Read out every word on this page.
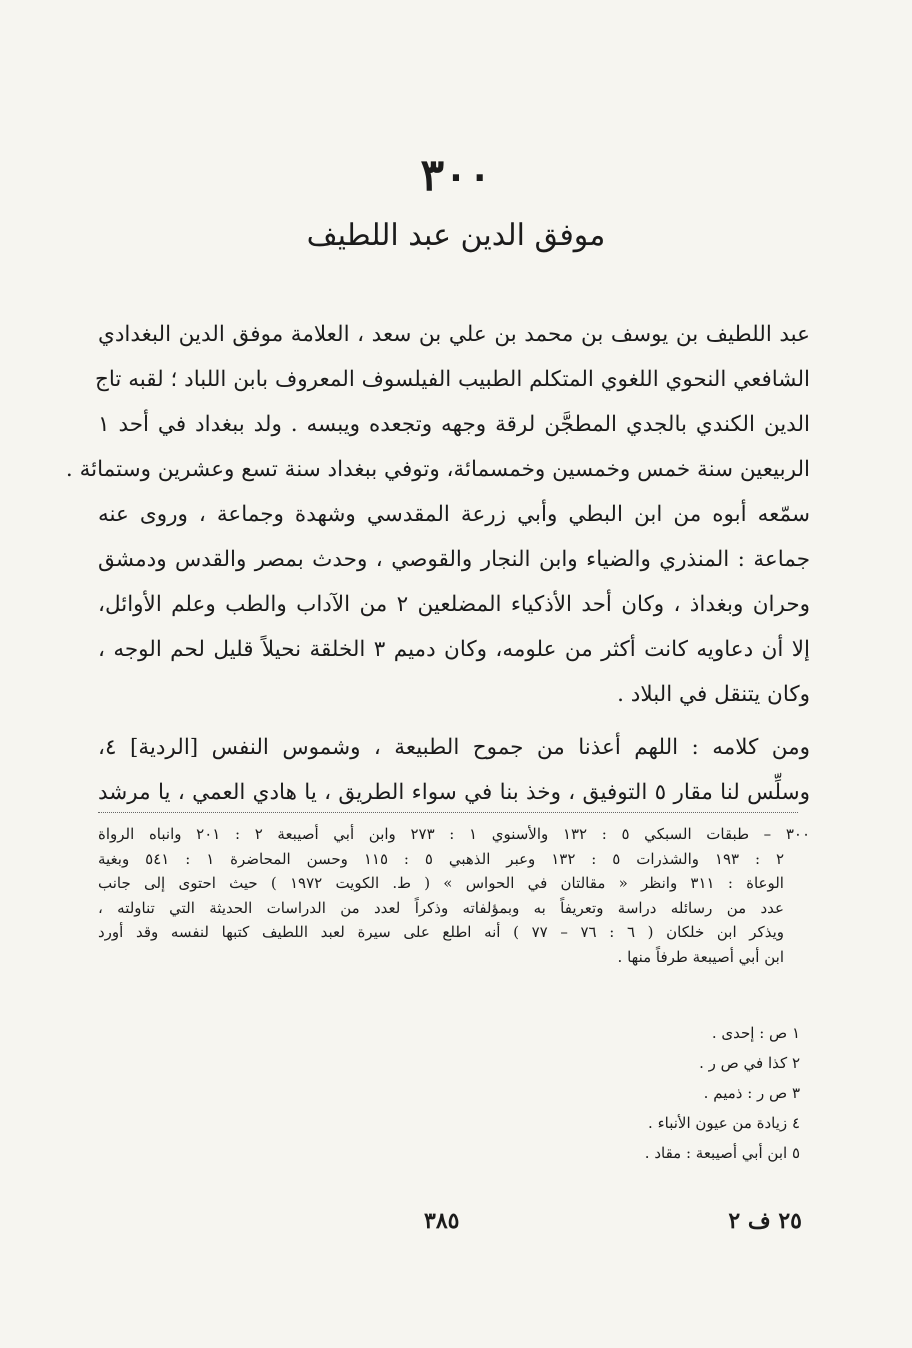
٣٠٠
موفق الدين عبد اللطيف
عبد اللطيف بن يوسف بن محمد بن علي بن سعد ، العلامة موفق الدين البغدادي
الشافعي النحوي اللغوي المتكلم الطبيب الفيلسوف المعروف بابن اللباد ؛ لقبه تاج
الدين الكندي بالجدي المطجَّن لرقة وجهه وتجعده ويبسه . ولد ببغداد في أحد ١
الربيعين سنة خمس وخمسين وخمسمائة، وتوفي ببغداد سنة تسع وعشرين وستمائة .
سمّعه أبوه من ابن البطي وأبي زرعة المقدسي وشهدة وجماعة ، وروى عنه
جماعة : المنذري والضياء وابن النجار والقوصي ، وحدث بمصر والقدس ودمشق
وحران وبغداذ ، وكان أحد الأذكياء المضلعين ٢ من الآداب والطب وعلم الأوائل،
إلا أن دعاويه كانت أكثر من علومه، وكان دميم ٣ الخلقة نحيلاً قليل لحم الوجه ،
وكان يتنقل في البلاد .
ومن كلامه : اللهم أعذنا من جموح الطبيعة ، وشموس النفس [الردية] ٤،
وسلِّس لنا مقار ٥ التوفيق ، وخذ بنا في سواء الطريق ، يا هادي العمي ، يا مرشد
٣٠٠ – طبقات السبكي ٥ : ١٣٢ والأسنوي ١ : ٢٧٣ وابن أبي أصيبعة ٢ : ٢٠١ وانباه الرواة
٢ : ١٩٣ والشذرات ٥ : ١٣٢ وعبر الذهبي ٥ : ١١٥ وحسن المحاضرة ١ : ٥٤١ وبغية
الوعاة : ٣١١ وانظر « مقالتان في الحواس » ( ط. الكويت ١٩٧٢ ) حيث احتوى إلى جانب
عدد من رسائله دراسة وتعريفاً به وبمؤلفاته وذكراً لعدد من الدراسات الحديثة التي تناولته ،
ويذكر ابن خلكان ( ٦ : ٧٦ – ٧٧ ) أنه اطلع على سيرة لعبد اللطيف كتبها لنفسه وقد أورد
ابن أبي أصيبعة طرفاً منها .
١ ص : إحدى .
٢ كذا في ص ر .
٣ ص ر : ذميم .
٤ زيادة من عيون الأنباء .
٥ ابن أبي أصيبعة : مقاد .
٣٨٥	٢٥ ف ٢
